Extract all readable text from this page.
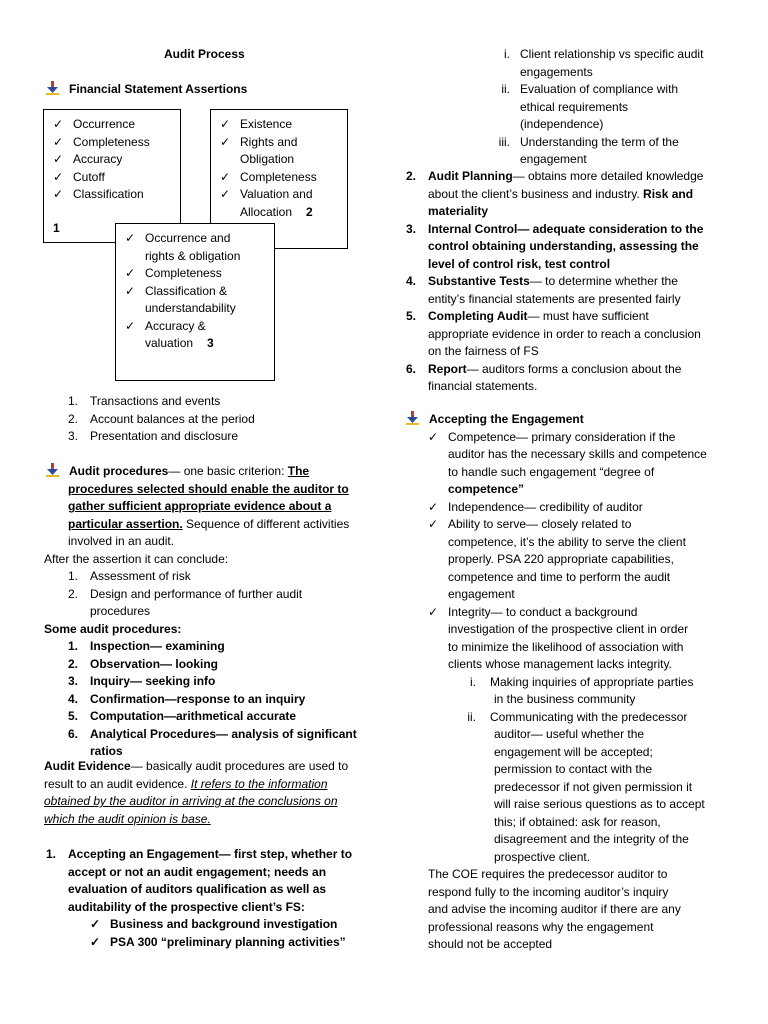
Audit Process
Financial Statement Assertions
✓ Occurrence
✓ Completeness
✓ Accuracy
✓ Cutoff
✓ Classification
1
✓ Existence
✓ Rights and
Obligation
✓ Completeness
✓ Valuation and
Allocation 2
✓ Occurrence and
rights & obligation
✓ Completeness
✓ Classification &
understandability
✓ Accuracy &
valuation 3
1. Transactions and events
2. Account balances at the period
3. Presentation and disclosure
Audit procedures— one basic criterion: The
procedures selected should enable the auditor to
gather sufficient appropriate evidence about a
particular assertion. Sequence of different activities
involved in an audit.
After the assertion it can conclude:
1. Assessment of risk
2. Design and performance of further audit
procedures
Some audit procedures:
1. Inspection— examining
2. Observation— looking
3. Inquiry— seeking info
4. Confirmation—response to an inquiry
5. Computation—arithmetical accurate
6. Analytical Procedures— analysis of significant
ratios
Audit Evidence— basically audit procedures are used to
result to an audit evidence. It refers to the information
obtained by the auditor in arriving at the conclusions on
which the audit opinion is base.
1. Accepting an Engagement— first step, whether to
accept or not an audit engagement; needs an
evaluation of auditors qualification as well as
auditability of the prospective client’s FS:
✓ Business and background investigation
✓ PSA 300 “preliminary planning activities”
i. Client relationship vs specific audit
engagements
ii. Evaluation of compliance with
ethical requirements
(independence)
iii. Understanding the term of the
engagement
2. Audit Planning— obtains more detailed knowledge
about the client’s business and industry. Risk and
materiality
3. Internal Control— adequate consideration to the
control obtaining understanding, assessing the
level of control risk, test control
4. Substantive Tests— to determine whether the
entity’s financial statements are presented fairly
5. Completing Audit— must have sufficient
appropriate evidence in order to reach a conclusion
on the fairness of FS
6. Report— auditors forms a conclusion about the
financial statements.
Accepting the Engagement
✓ Competence— primary consideration if the
auditor has the necessary skills and competence
to handle such engagement “degree of
competence”
✓ Independence— credibility of auditor
✓ Ability to serve— closely related to
competence, it’s the ability to serve the client
properly. PSA 220 appropriate capabilities,
competence and time to perform the audit
engagement
✓ Integrity— to conduct a background
investigation of the prospective client in order
to minimize the likelihood of association with
clients whose management lacks integrity.
i. Making inquiries of appropriate parties
in the business community
ii. Communicating with the predecessor
auditor— useful whether the
engagement will be accepted;
permission to contact with the
predecessor if not given permission it
will raise serious questions as to accept
this; if obtained: ask for reason,
disagreement and the integrity of the
prospective client.
The COE requires the predecessor auditor to
respond fully to the incoming auditor’s inquiry
and advise the incoming auditor if there are any
professional reasons why the engagement
should not be accepted
